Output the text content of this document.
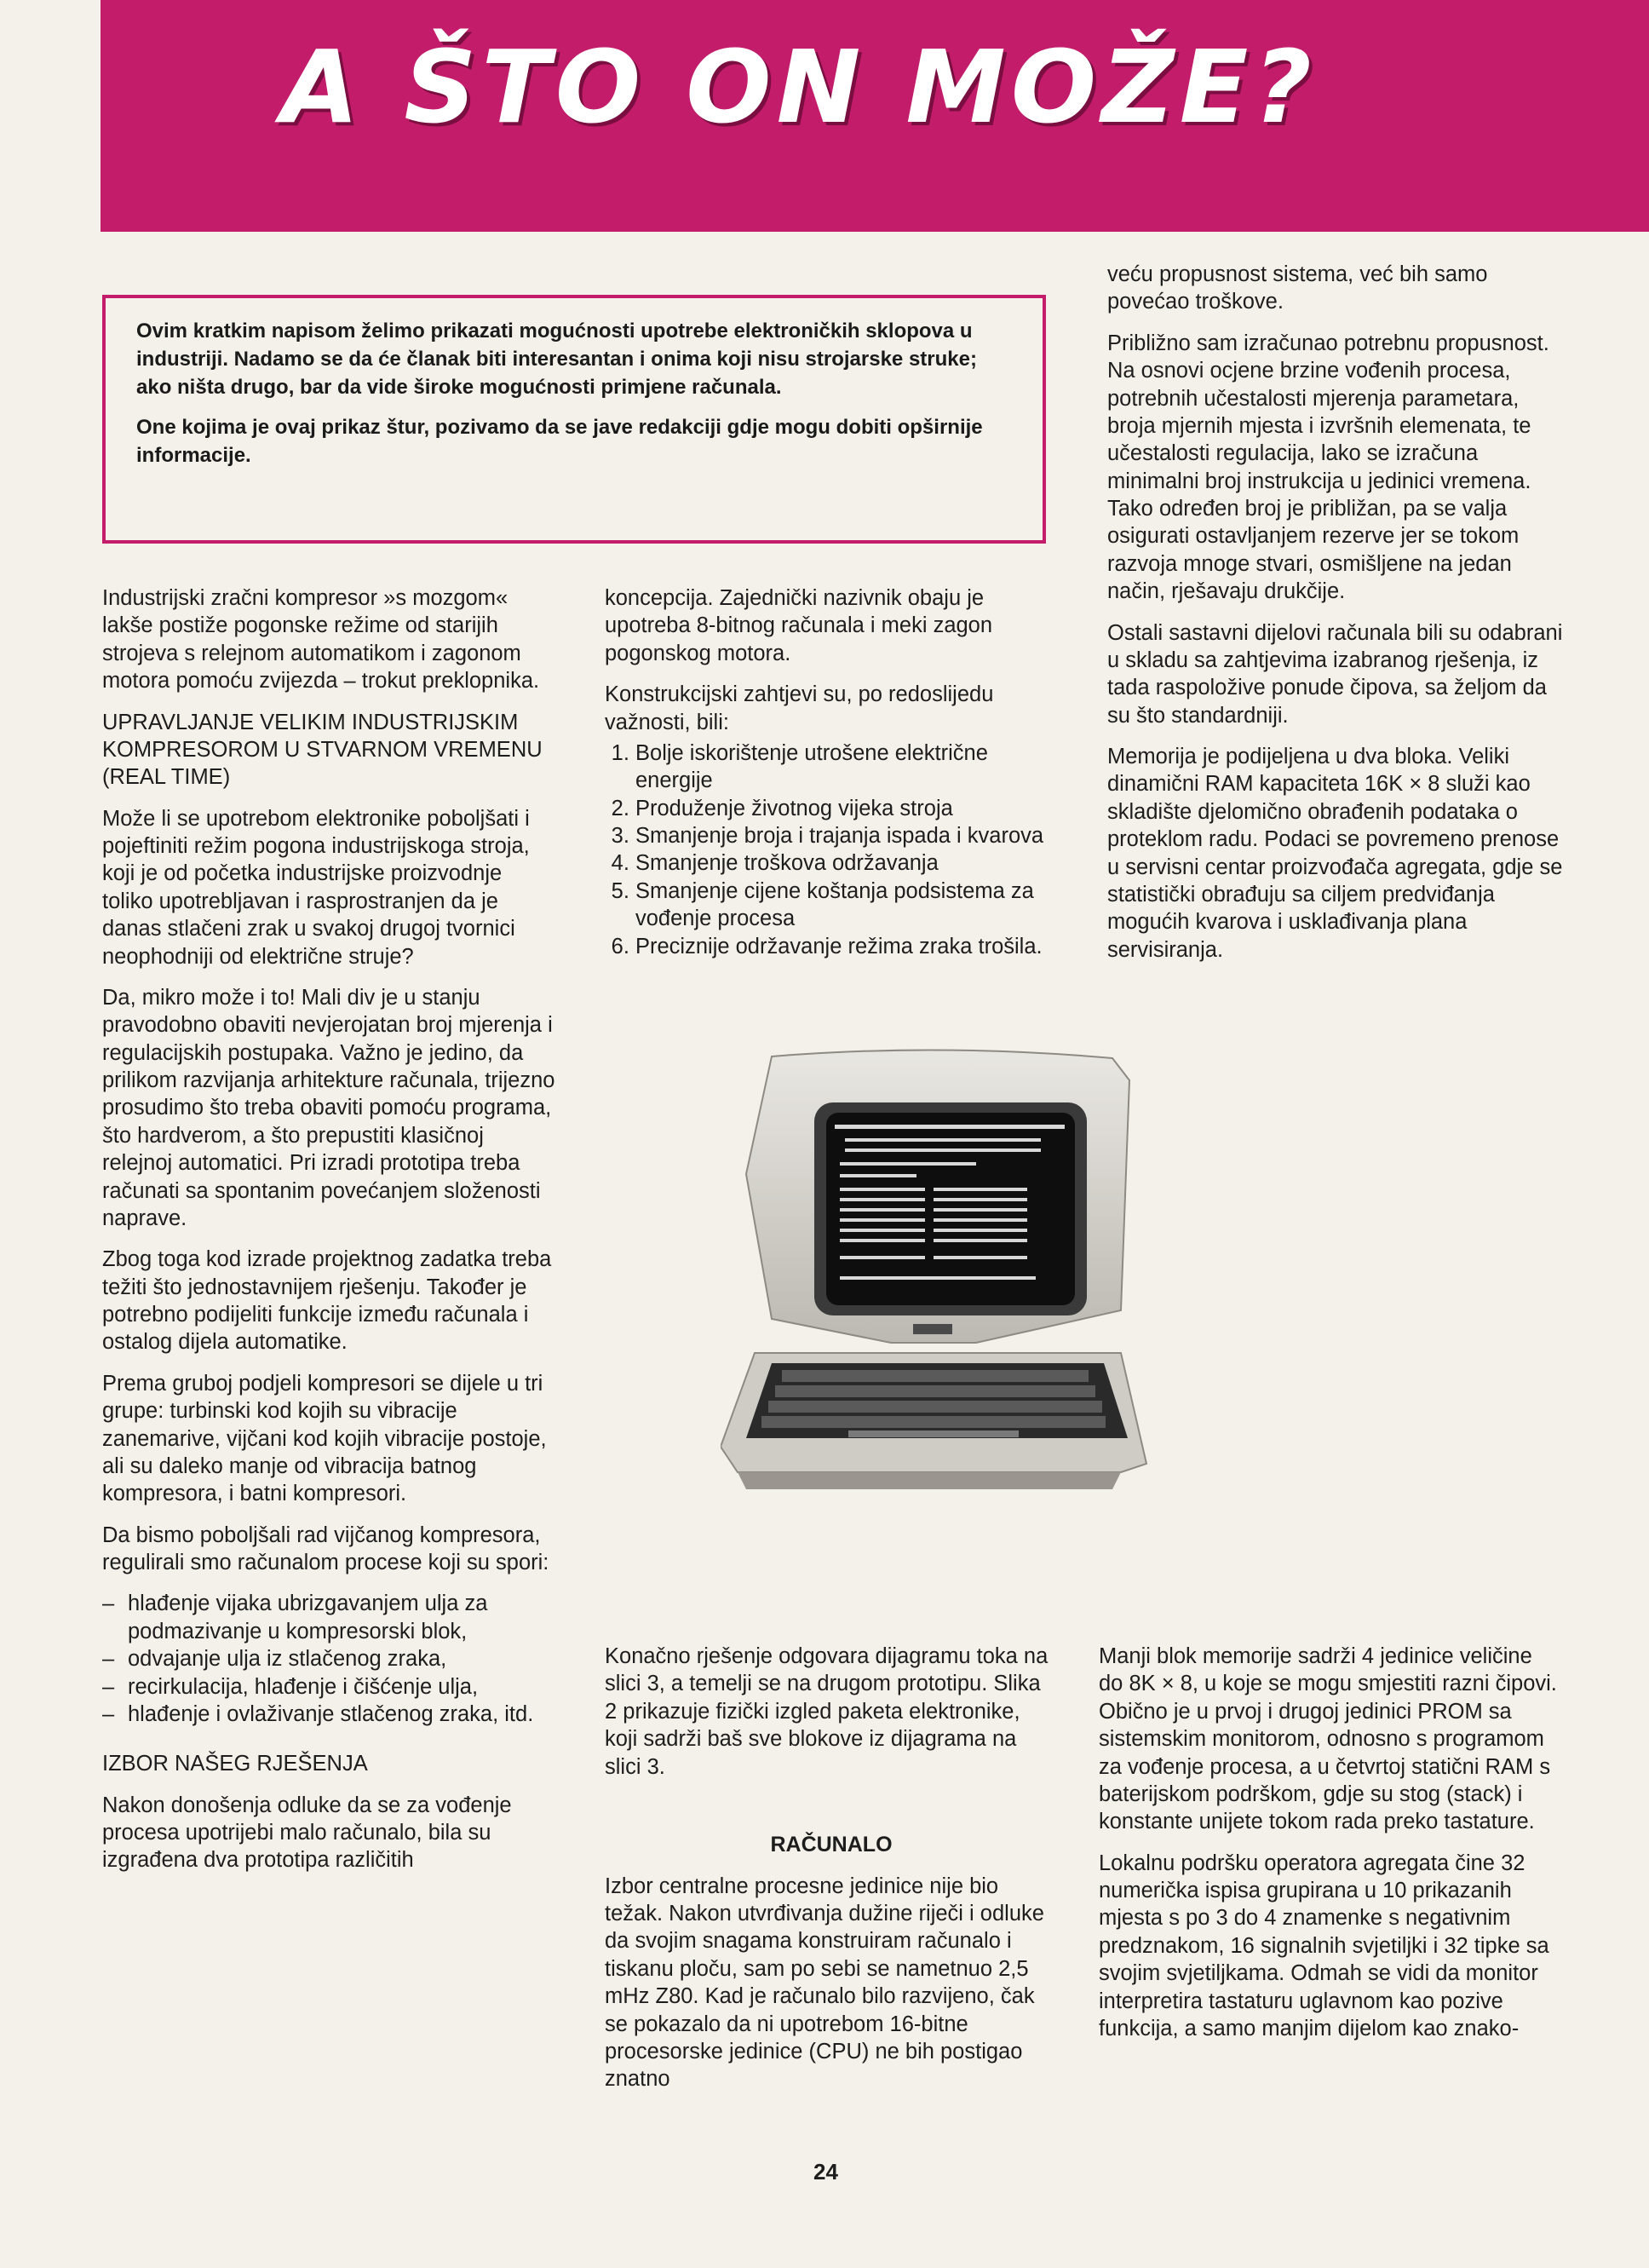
A ŠTO ON MOŽE?

Ovim kratkim napisom želimo prikazati mogućnosti upotrebe elektroničkih sklopova u industriji. Nadamo se da će članak biti interesantan i onima koji nisu strojarske struke; ako ništa drugo, bar da vide široke mogućnosti primjene računala.

One kojima je ovaj prikaz štur, pozivamo da se jave redakciji gdje mogu dobiti opširnije informacije.

Industrijski zračni kompresor »s mozgom« lakše postiže pogonske režime od starijih strojeva s relejnom automatikom i zagonom motora pomoću zvijezda – trokut preklopnika.

UPRAVLJANJE VELIKIM INDUSTRIJSKIM KOMPRESOROM U STVARNOM VREMENU (REAL TIME)

Može li se upotrebom elektronike poboljšati i pojeftiniti režim pogona industrijskoga stroja, koji je od početka industrijske proizvodnje toliko upotrebljavan i rasprostranjen da je danas stlačeni zrak u svakoj drugoj tvornici neophodniji od električne struje?

Da, mikro može i to! Mali div je u stanju pravodobno obaviti nevjerojatan broj mjerenja i regulacijskih postupaka. Važno je jedino, da prilikom razvijanja arhitekture računala, trijezno prosudimo što treba obaviti pomoću programa, što hardverom, a što prepustiti klasičnoj relejnoj automatici. Pri izradi prototipa treba računati sa spontanim povećanjem složenosti naprave.

Zbog toga kod izrade projektnog zadatka treba težiti što jednostavnijem rješenju. Također je potrebno podijeliti funkcije između računala i ostalog dijela automatike.

Prema gruboj podjeli kompresori se dijele u tri grupe: turbinski kod kojih su vibracije zanemarive, vijčani kod kojih vibracije postoje, ali su daleko manje od vibracija batnog kompresora, i batni kompresori.

Da bismo poboljšali rad vijčanog kompresora, regulirali smo računalom procese koji su spori:

– hlađenje vijaka ubrizgavanjem ulja za podmazivanje u kompresorski blok,
– odvajanje ulja iz stlačenog zraka,
– recirkulacija, hlađenje i čišćenje ulja,
– hlađenje i ovlaživanje stlačenog zraka, itd.

IZBOR NAŠEG RJEŠENJA

Nakon donošenja odluke da se za vođenje procesa upotrijebi malo računalo, bila su izgrađena dva prototipa različitih

koncepcija. Zajednički nazivnik obaju je upotreba 8-bitnog računala i meki zagon pogonskog motora.

Konstrukcijski zahtjevi su, po redoslijedu važnosti, bili:

1. Bolje iskorištenje utrošene električne energije
2. Produženje životnog vijeka stroja
3. Smanjenje broja i trajanja ispada i kvarova
4. Smanjenje troškova održavanja
5. Smanjenje cijene koštanja podsistema za vođenje procesa
6. Preciznije održavanje režima zraka trošila.

Konačno rješenje odgovara dijagramu toka na slici 3, a temelji se na drugom prototipu. Slika 2 prikazuje fizički izgled paketa elektronike, koji sadrži baš sve blokove iz dijagrama na slici 3.

RAČUNALO

Izbor centralne procesne jedinice nije bio težak. Nakon utvrđivanja dužine riječi i odluke da svojim snagama konstruiram računalo i tiskanu ploču, sam po sebi se nametnuo 2,5 mHz Z80. Kad je računalo bilo razvijeno, čak se pokazalo da ni upotrebom 16-bitne procesorske jedinice (CPU) ne bih postigao znatno

veću propusnost sistema, već bih samo povećao troškove.

Približno sam izračunao potrebnu propusnost. Na osnovi ocjene brzine vođenih procesa, potrebnih učestalosti mjerenja parametara, broja mjernih mjesta i izvršnih elemenata, te učestalosti regulacija, lako se izračuna minimalni broj instrukcija u jedinici vremena. Tako određen broj je približan, pa se valja osigurati ostavljanjem rezerve jer se tokom razvoja mnoge stvari, osmišljene na jedan način, rješavaju drukčije.

Ostali sastavni dijelovi računala bili su odabrani u skladu sa zahtjevima izabranog rješenja, iz tada raspoložive ponude čipova, sa željom da su što standardniji.

Memorija je podijeljena u dva bloka. Veliki dinamični RAM kapaciteta 16K × 8 služi kao skladište djelomično obrađenih podataka o proteklom radu. Podaci se povremeno prenose u servisni centar proizvođača agregata, gdje se statistički obrađuju sa ciljem predviđanja mogućih kvarova i usklađivanja plana servisiranja.

Manji blok memorije sadrži 4 jedinice veličine do 8K × 8, u koje se mogu smjestiti razni čipovi. Obično je u prvoj i drugoj jedinici PROM sa sistemskim monitorom, odnosno s programom za vođenje procesa, a u četvrtoj statični RAM s baterijskom podrškom, gdje su stog (stack) i konstante unijete tokom rada preko tastature.

Lokalnu podršku operatora agregata čine 32 numerička ispisa grupirana u 10 prikazanih mjesta s po 3 do 4 znamenke s negativnim predznakom, 16 signalnih svjetiljki i 32 tipke sa svojim svjetiljkama. Odmah se vidi da monitor interpretira tastaturu uglavnom kao pozive funkcija, a samo manjim dijelom kao znako-

24
